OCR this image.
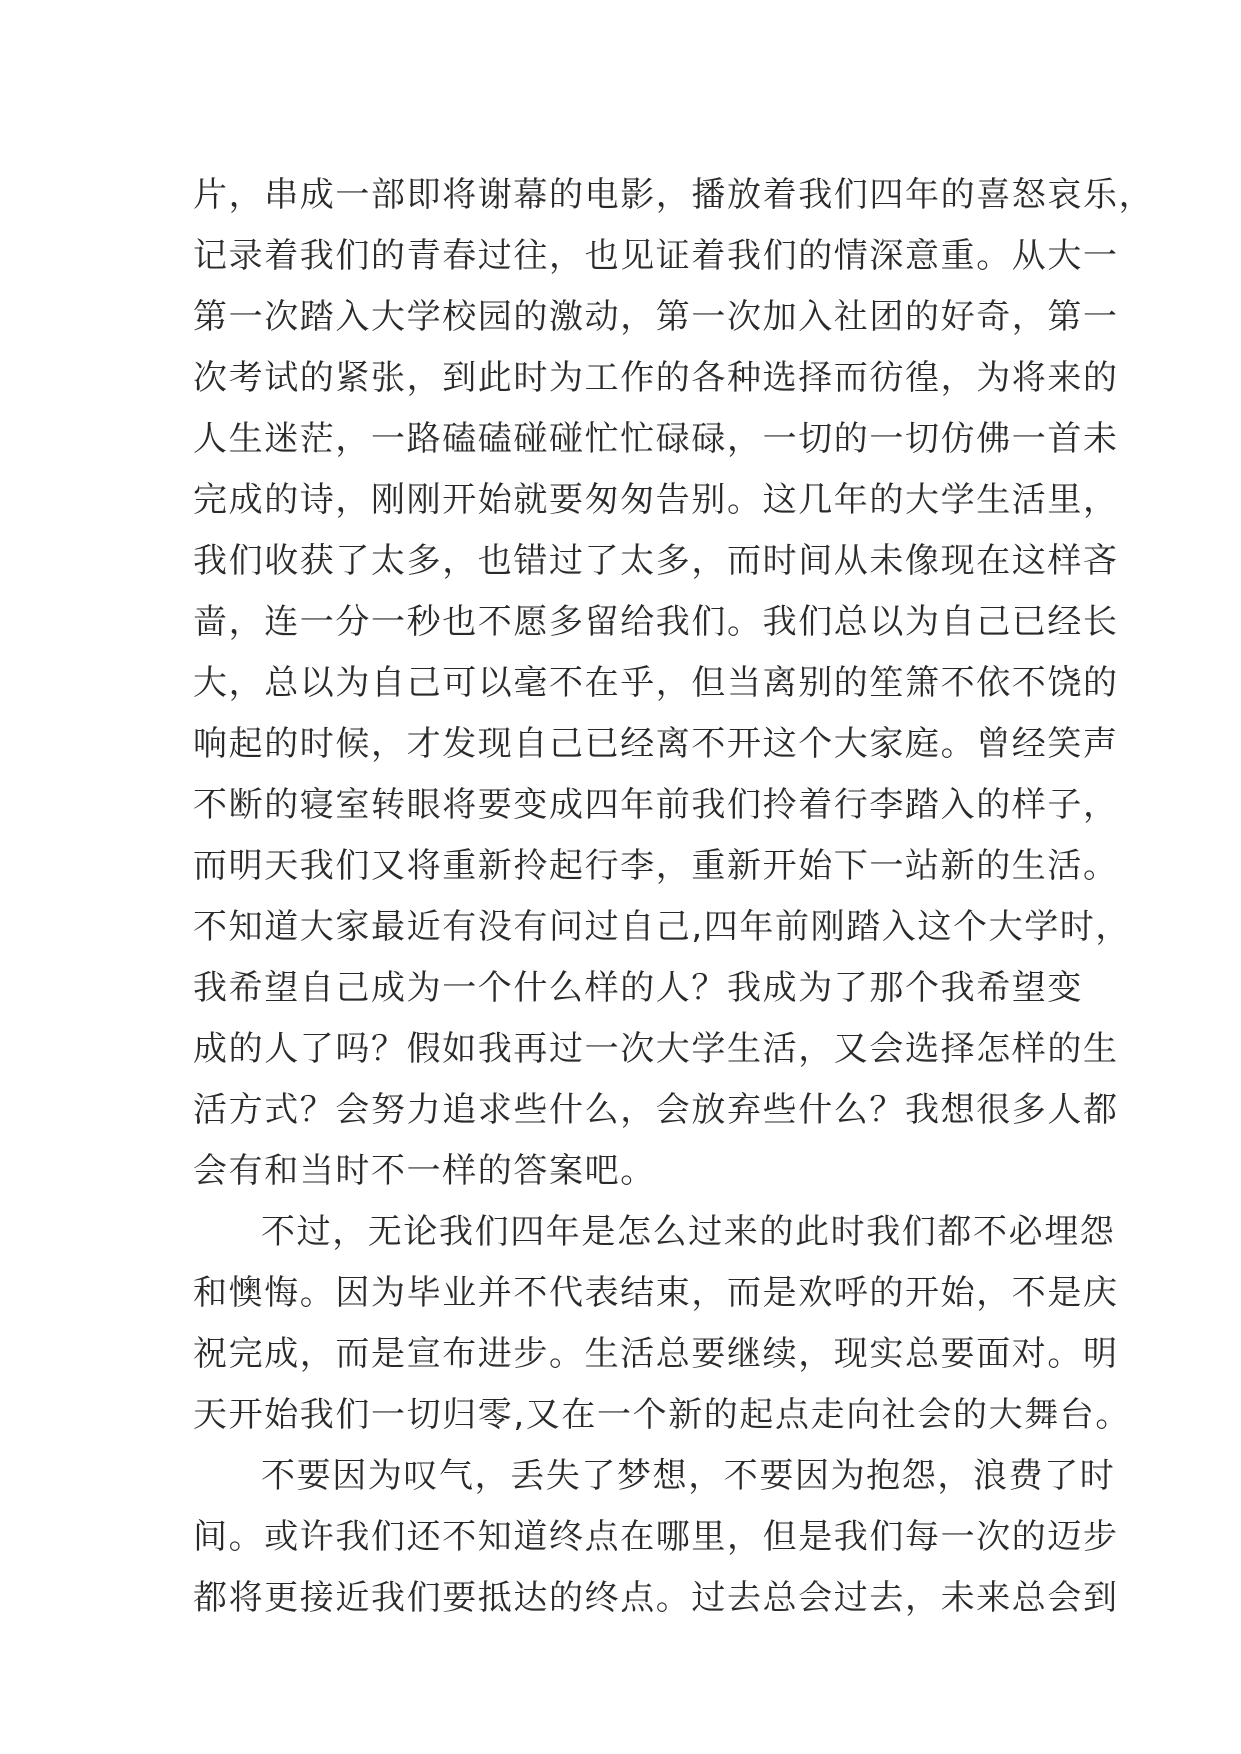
片，串成一部即将谢幕的电影，播放着我们四年的喜怒哀乐，
记录着我们的青春过往，也见证着我们的情深意重。从大一
第一次踏入大学校园的激动，第一次加入社团的好奇，第一
次考试的紧张，到此时为工作的各种选择而彷徨，为将来的
人生迷茫，一路磕磕碰碰忙忙碌碌，一切的一切仿佛一首未
完成的诗，刚刚开始就要匆匆告别。这几年的大学生活里，
我们收获了太多，也错过了太多，而时间从未像现在这样吝
啬，连一分一秒也不愿多留给我们。我们总以为自己已经长
大，总以为自己可以毫不在乎，但当离别的笙箫不依不饶的
响起的时候，才发现自己已经离不开这个大家庭。曾经笑声
不断的寝室转眼将要变成四年前我们拎着行李踏入的样子，
而明天我们又将重新拎起行李，重新开始下一站新的生活。
不知道大家最近有没有问过自己,四年前刚踏入这个大学时，
我希望自己成为一个什么样的人？我成为了那个我希望变
成的人了吗？假如我再过一次大学生活，又会选择怎样的生
活方式？会努力追求些什么，会放弃些什么？我想很多人都
会有和当时不一样的答案吧。
不过，无论我们四年是怎么过来的此时我们都不必埋怨
和懊悔。因为毕业并不代表结束，而是欢呼的开始，不是庆
祝完成，而是宣布进步。生活总要继续，现实总要面对。明
天开始我们一切归零,又在一个新的起点走向社会的大舞台。
不要因为叹气，丢失了梦想，不要因为抱怨，浪费了时
间。或许我们还不知道终点在哪里，但是我们每一次的迈步
都将更接近我们要抵达的终点。过去总会过去，未来总会到
